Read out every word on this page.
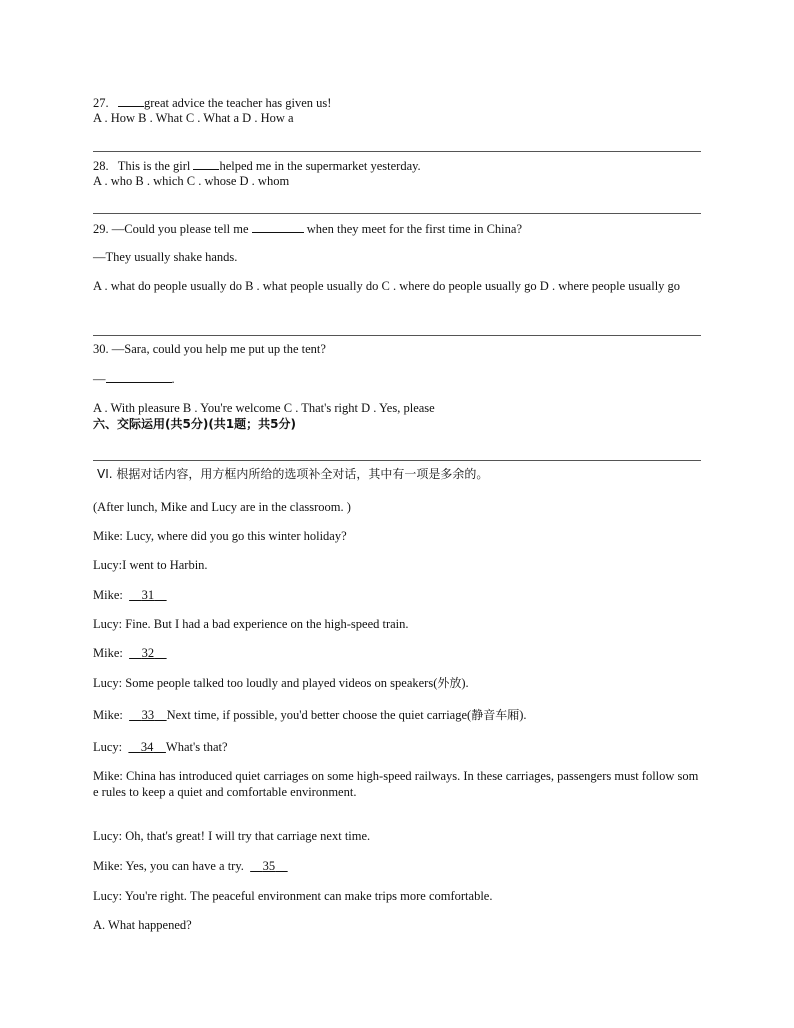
27.	great advice the teacher has given us!
A . How B . What C . What a D . How a
28. This is the girl helped me in the supermarket yesterday.
A . who B . which C . whose D . whom
29. —Could you please tell me	when they meet for the first time in China?
—They usually shake hands.
A . what do people usually do B . what people usually do C . where do people usually go D . where people usually go
30. —Sara, could you help me put up the tent?
—	.
A . With pleasure B . You're welcome C . That's right D . Yes, please
六、交际运用(共5分)(共1题；共5分)
VI. 根据对话内容，用方框内所给的选项补全对话，其中有一项是多余的。
(After lunch, Mike and Lucy are in the classroom. )
Mike: Lucy, where did you go this winter holiday?
Lucy:I went to Harbin.
Mike: 31
Lucy: Fine. But I had a bad experience on the high-speed train.
Mike: 32
Lucy: Some people talked too loudly and played videos on speakers(外放).
Mike: 33 Next time, if possible, you'd better choose the quiet carriage(静音车厢).
Lucy: 34 What's that?
Mike: China has introduced quiet carriages on some high-speed railways. In these carriages, passengers must follow some rules to keep a quiet and comfortable environment.
Lucy: Oh, that's great! I will try that carriage next time.
Mike: Yes, you can have a try. 35
Lucy: You're right. The peaceful environment can make trips more comfortable.
A. What happened?
